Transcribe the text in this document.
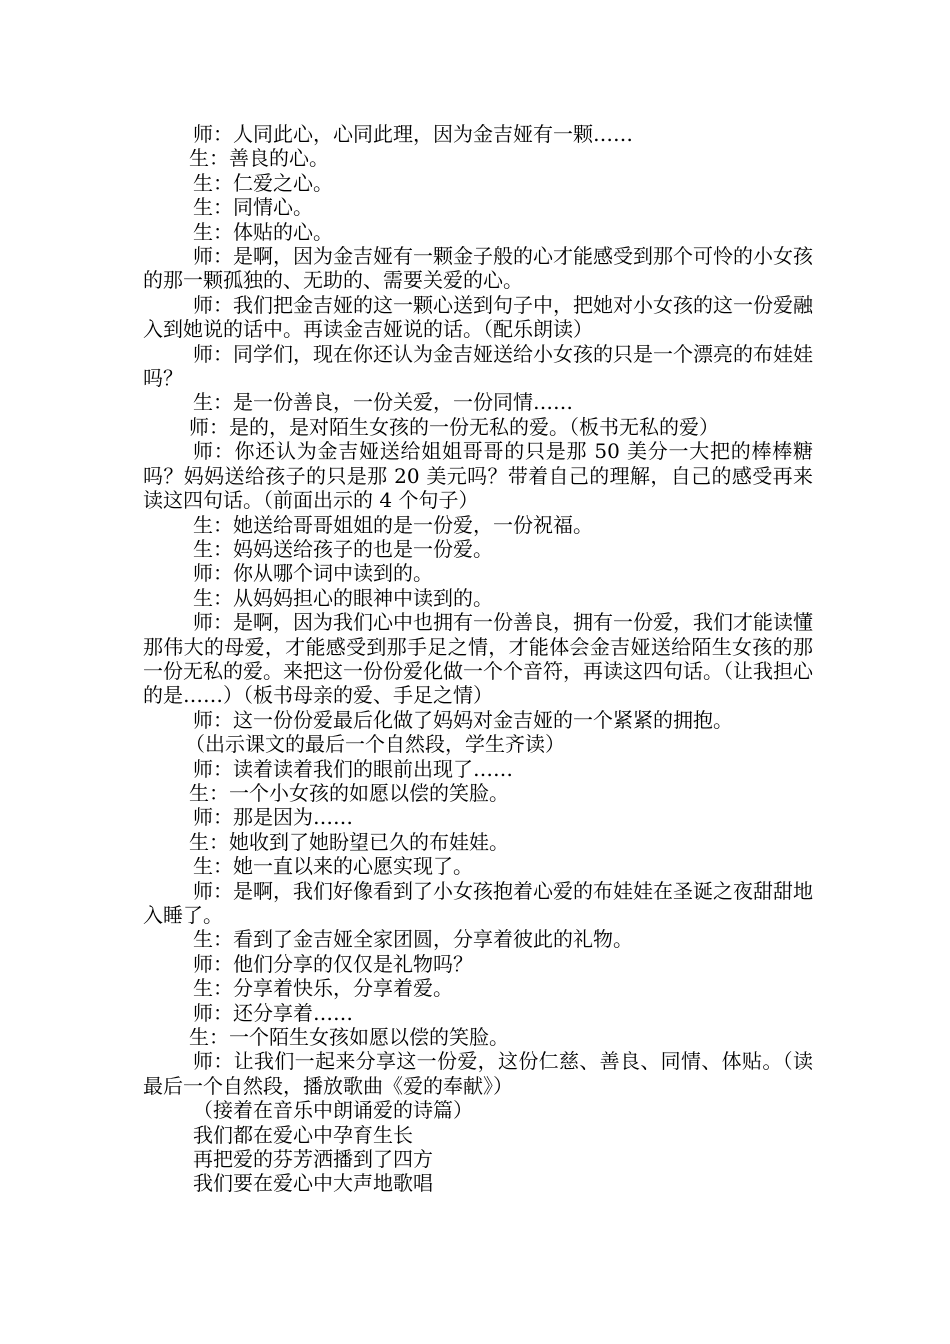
师：人同此心，心同此理，因为金吉娅有一颗……

生：善良的心。

生：仁爱之心。

生：同情心。

生：体贴的心。

师：是啊，因为金吉娅有一颗金子般的心才能感受到那个可怜的小女孩的那一颗孤独的、无助的、需要关爱的心。

师：我们把金吉娅的这一颗心送到句子中，把她对小女孩的这一份爱融入到她说的话中。再读金吉娅说的话。（配乐朗读）

师：同学们，现在你还认为金吉娅送给小女孩的只是一个漂亮的布娃娃吗？

生：是一份善良，一份关爱，一份同情……

师：是的，是对陌生女孩的一份无私的爱。（板书无私的爱）

师：你还认为金吉娅送给姐姐哥哥的只是那 50 美分一大把的棒棒糖吗？妈妈送给孩子的只是那 20 美元吗？带着自己的理解，自己的感受再来读这四句话。（前面出示的 4 个句子）

生：她送给哥哥姐姐的是一份爱，一份祝福。

生：妈妈送给孩子的也是一份爱。

师：你从哪个词中读到的。

生：从妈妈担心的眼神中读到的。

师：是啊，因为我们心中也拥有一份善良，拥有一份爱，我们才能读懂那伟大的母爱，才能感受到那手足之情，才能体会金吉娅送给陌生女孩的那一份无私的爱。来把这一份份爱化做一个个音符，再读这四句话。（让我担心的是……）（板书母亲的爱、手足之情）

师：这一份份爱最后化做了妈妈对金吉娅的一个紧紧的拥抱。

（出示课文的最后一个自然段，学生齐读）

师：读着读着我们的眼前出现了……

生：一个小女孩的如愿以偿的笑脸。

师：那是因为……

生：她收到了她盼望已久的布娃娃。

生：她一直以来的心愿实现了。

师：是啊，我们好像看到了小女孩抱着心爱的布娃娃在圣诞之夜甜甜地入睡了。

生：看到了金吉娅全家团圆，分享着彼此的礼物。

师：他们分享的仅仅是礼物吗？

生：分享着快乐，分享着爱。

师：还分享着……

生：一个陌生女孩如愿以偿的笑脸。

师：让我们一起来分享这一份爱，这份仁慈、善良、同情、体贴。（读最后一个自然段，播放歌曲《爱的奉献》）

（接着在音乐中朗诵爱的诗篇）

我们都在爱心中孕育生长

再把爱的芬芳洒播到了四方

我们要在爱心中大声地歌唱
